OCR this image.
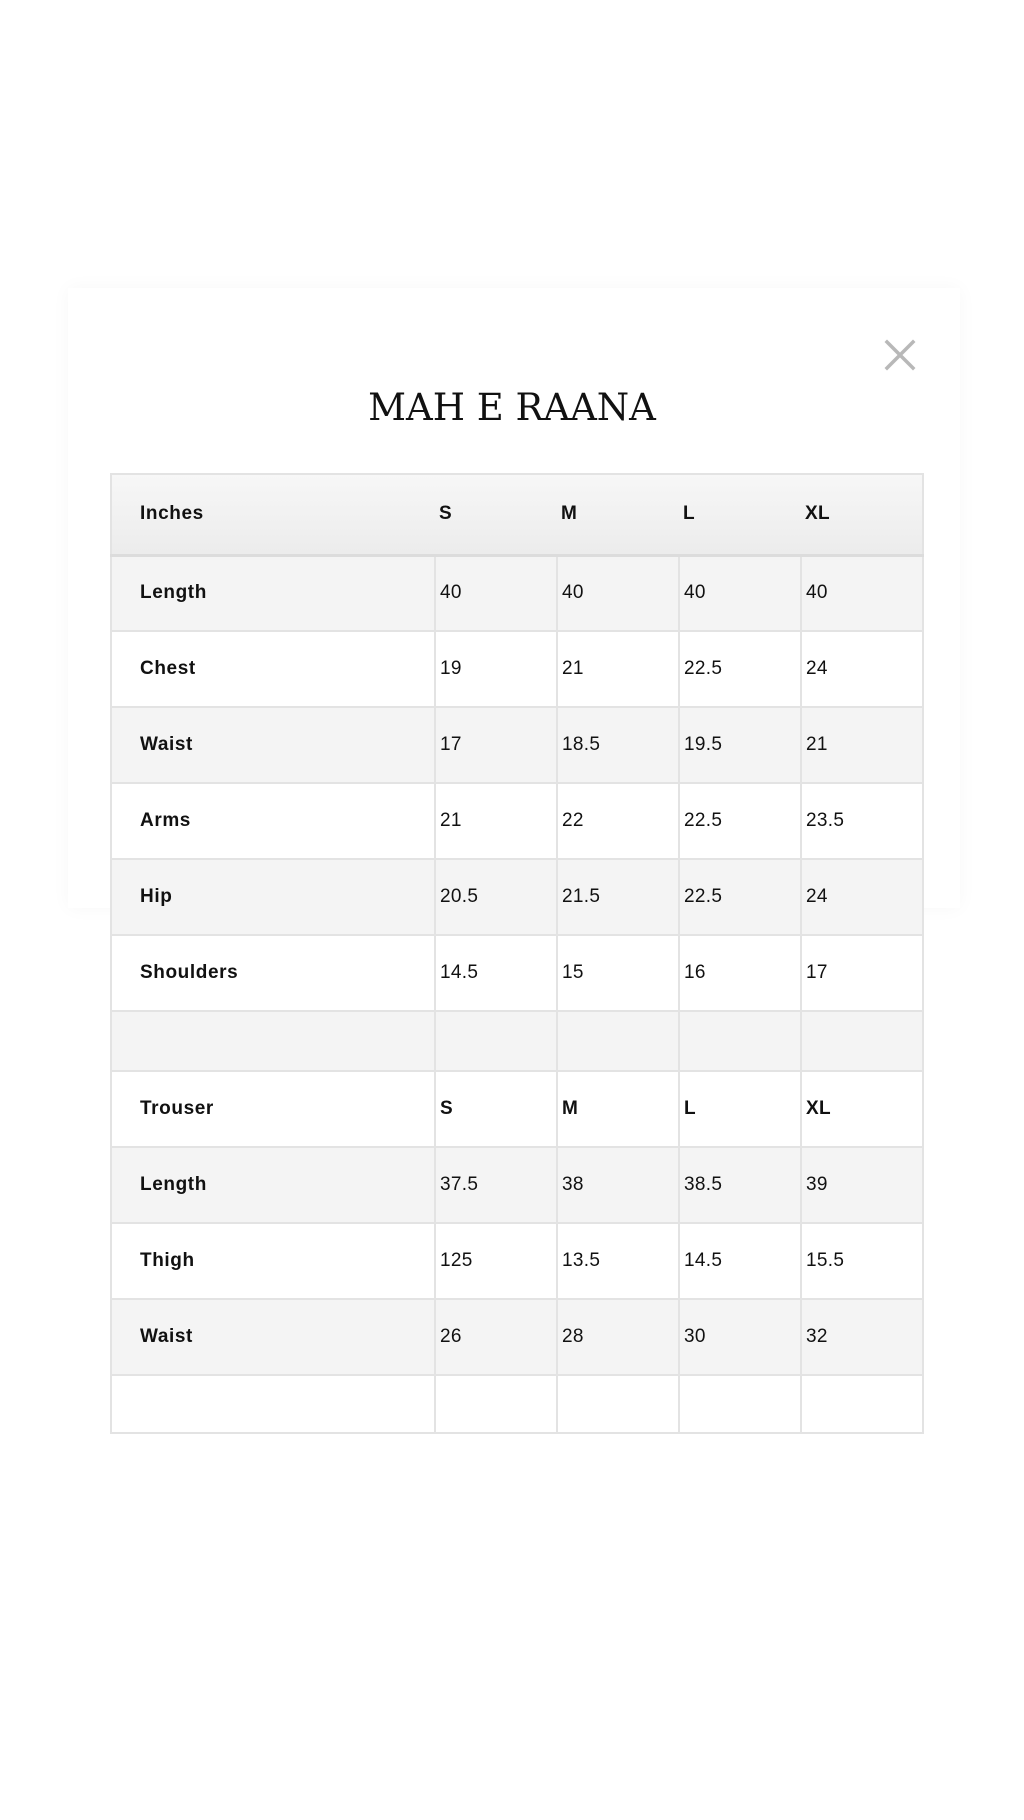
MAH E RAANA
Inches	S	M	L	XL
Length	40	40	40	40
Chest	19	21	22.5	24
Waist	17	18.5	19.5	21
Arms	21	22	22.5	23.5
Hip	20.5	21.5	22.5	24
Shoulders	14.5	15	16	17

Trouser	S	M	L	XL
Length	37.5	38	38.5	39
Thigh	125	13.5	14.5	15.5
Waist	26	28	30	32
